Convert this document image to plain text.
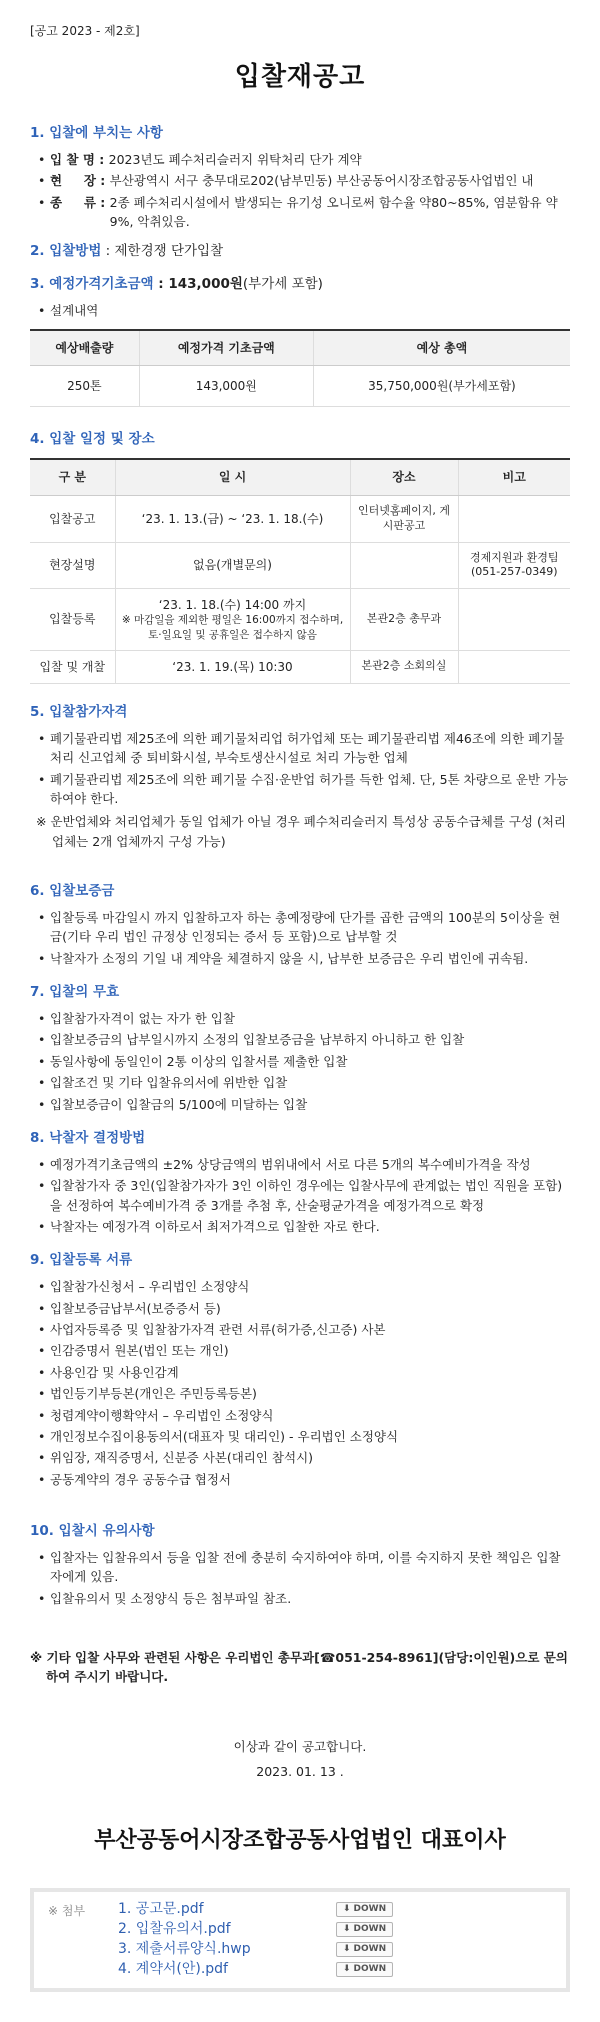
[공고 2023 - 제2호]
입찰재공고
1. 입찰에 부치는 사항
• 입 찰 명 : 2023년도 폐수처리슬러지 위탁처리 단가 계약
• 현     장 : 부산광역시 서구 충무대로202(남부민동) 부산공동어시장조합공동사업법인 내
• 종     류 : 2종 폐수처리시설에서 발생되는 유기성 오니로써 함수율 약80~85%, 염분함유 약9%, 악취있음.
2. 입찰방법 : 제한경쟁 단가입찰
3. 예정가격기초금액 : 143,000원(부가세 포함)
• 설계내역
예상배출량	예정가격 기초금액	예상 총액
250톤	143,000원	35,750,000원(부가세포함)
4. 입찰 일정 및 장소
구 분	일 시	장소	비고
입찰공고	‘23. 1. 13.(금) ~ ‘23. 1. 18.(수)	인터넷홈페이지, 게시판공고	
현장설명	없음(개별문의)		경제지원과 환경팀 (051-257-0349)
입찰등록	‘23. 1. 18.(수) 14:00 까지
※ 마감일을 제외한 평일은 16:00까지 접수하며,
토·일요일 및 공휴일은 접수하지 않음	본관2층 총무과	
입찰 및 개찰	‘23. 1. 19.(목) 10:30	본관2층 소회의실	
5. 입찰참가자격
• 폐기물관리법 제25조에 의한 폐기물처리업 허가업체 또는 폐기물관리법 제46조에 의한 폐기물처리 신고업체 중 퇴비화시설, 부숙토생산시설로 처리 가능한 업체
• 폐기물관리법 제25조에 의한 폐기물 수집·운반업 허가를 득한 업체. 단, 5톤 차량으로 운반 가능하여야 한다.

※ 운반업체와 처리업체가 동일 업체가 아닐 경우 폐수처리슬러지 특성상 공동수급체를 구성 (처리업체는 2개 업체까지 구성 가능)

6. 입찰보증금
• 입찰등록 마감일시 까지 입찰하고자 하는 총예정량에 단가를 곱한 금액의 100분의 5이상을 현금(기타 우리 법인 규정상 인정되는 증서 등 포함)으로 납부할 것
• 낙찰자가 소정의 기일 내 계약을 체결하지 않을 시, 납부한 보증금은 우리 법인에 귀속됨.
7. 입찰의 무효
• 입찰참가자격이 없는 자가 한 입찰
• 입찰보증금의 납부일시까지 소정의 입찰보증금을 납부하지 아니하고 한 입찰
• 동일사항에 동일인이 2통 이상의 입찰서를 제출한 입찰
• 입찰조건 및 기타 입찰유의서에 위반한 입찰
• 입찰보증금이 입찰금의 5/100에 미달하는 입찰
8. 낙찰자 결정방법
• 예정가격기초금액의 ±2% 상당금액의 범위내에서 서로 다른 5개의 복수예비가격을 작성
• 입찰참가자 중 3인(입찰참가자가 3인 이하인 경우에는 입찰사무에 관계없는 법인 직원을 포함)을 선정하여 복수예비가격 중 3개를 추첨 후, 산술평균가격을 예정가격으로 확정
• 낙찰자는 예정가격 이하로서 최저가격으로 입찰한 자로 한다.
9. 입찰등록 서류
• 입찰참가신청서 – 우리법인 소정양식
• 입찰보증금납부서(보증증서 등)
• 사업자등록증 및 입찰참가자격 관련 서류(허가증,신고증) 사본
• 인감증명서 원본(법인 또는 개인)
• 사용인감 및 사용인감계
• 법인등기부등본(개인은 주민등록등본)
• 청렴계약이행확약서 – 우리법인 소정양식
• 개인정보수집이용동의서(대표자 및 대리인) - 우리법인 소정양식
• 위임장, 재직증명서, 신분증 사본(대리인 참석시)
• 공동계약의 경우 공동수급 협정서
10. 입찰시 유의사항
• 입찰자는 입찰유의서 등을 입찰 전에 충분히 숙지하여야 하며, 이를 숙지하지 못한 책임은 입찰자에게 있음.
• 입찰유의서 및 소정양식 등은 첨부파일 참조.

※ 기타 입찰 사무와 관련된 사항은 우리법인 총무과[☎051-254-8961](담당:이인원)으로 문의하여 주시기 바랍니다.

이상과 같이 공고합니다.

2023. 01. 13 .

부산공동어시장조합공동사업법인 대표이사
※ 첨부	1. 공고문.pdf	⬇ DOWN
2. 입찰유의서.pdf	⬇ DOWN
3. 제출서류양식.hwp	⬇ DOWN
4. 계약서(안).pdf	⬇ DOWN
